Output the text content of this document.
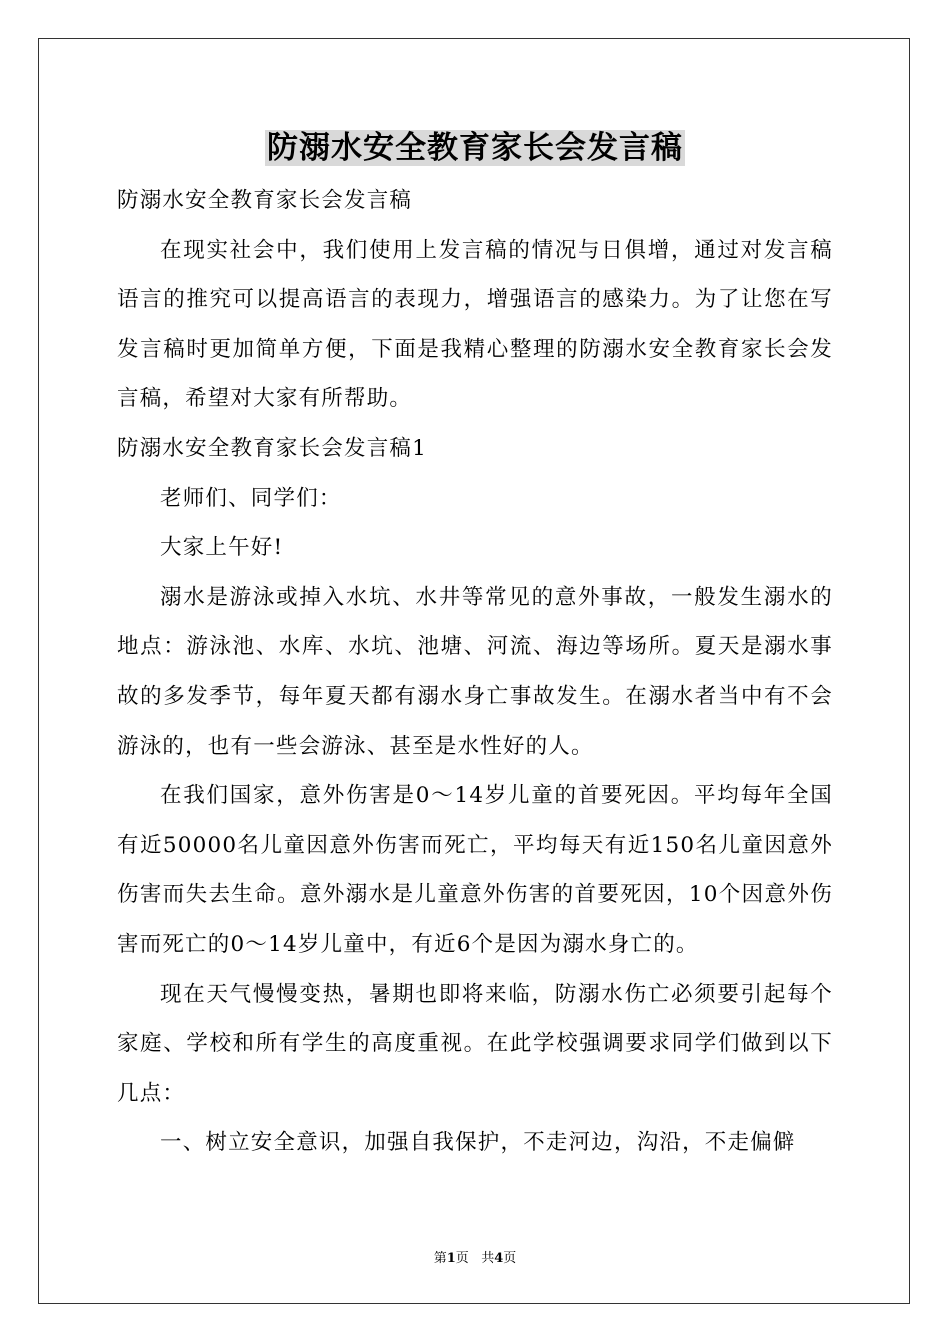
防溺水安全教育家长会发言稿

防溺水安全教育家长会发言稿

在现实社会中，我们使用上发言稿的情况与日俱增，通过对发言稿语言的推究可以提高语言的表现力，增强语言的感染力。为了让您在写发言稿时更加简单方便，下面是我精心整理的防溺水安全教育家长会发言稿，希望对大家有所帮助。

防溺水安全教育家长会发言稿1

老师们、同学们：

大家上午好!

溺水是游泳或掉入水坑、水井等常见的意外事故，一般发生溺水的地点：游泳池、水库、水坑、池塘、河流、海边等场所。夏天是溺水事故的多发季节，每年夏天都有溺水身亡事故发生。在溺水者当中有不会游泳的，也有一些会游泳、甚至是水性好的人。

在我们国家，意外伤害是0～14岁儿童的首要死因。平均每年全国有近50000名儿童因意外伤害而死亡，平均每天有近150名儿童因意外伤害而失去生命。意外溺水是儿童意外伤害的首要死因，10个因意外伤害而死亡的0～14岁儿童中，有近6个是因为溺水身亡的。

现在天气慢慢变热，暑期也即将来临，防溺水伤亡必须要引起每个家庭、学校和所有学生的高度重视。在此学校强调要求同学们做到以下几点：

一、树立安全意识，加强自我保护，不走河边，沟沿，不走偏僻

第1页 共4页
